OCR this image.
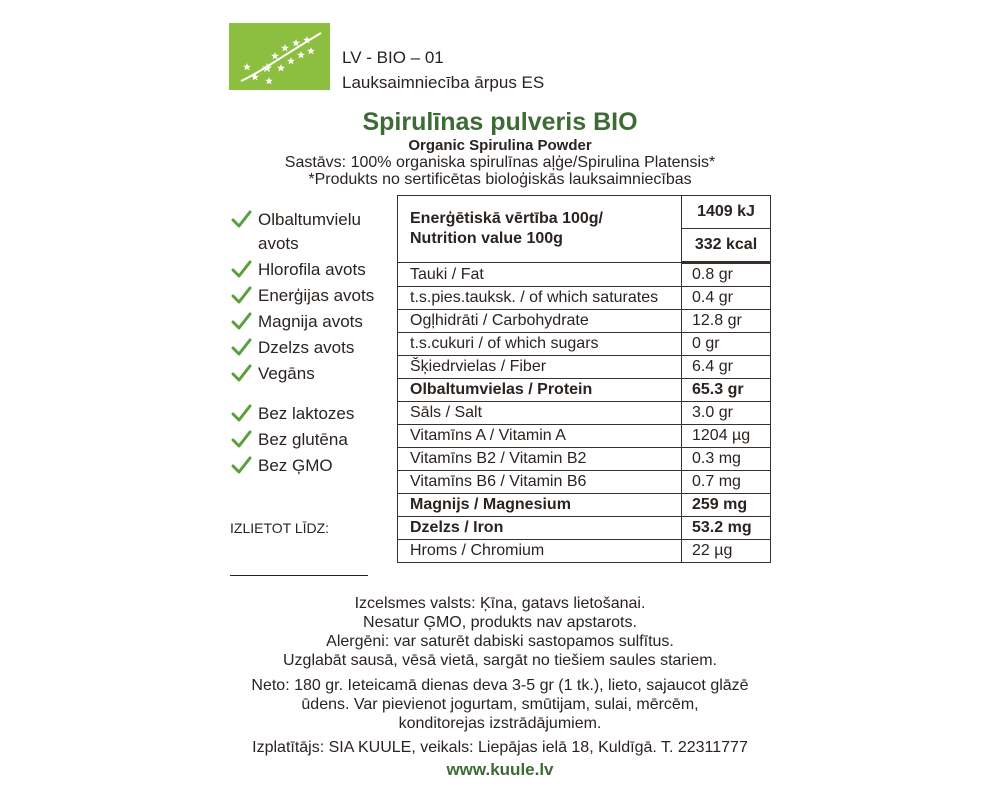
LV - BIO – 01
Lauksaimniecība ārpus ES
Spirulīnas pulveris BIO
Organic Spirulina Powder
Sastāvs: 100% organiska spirulīnas aļģe/Spirulina Platensis*
*Produkts no sertificētas bioloģiskās lauksaimniecības
Olbaltumvielu avots
Hlorofila avots
Enerģijas avots
Magnija avots
Dzelzs avots
Vegāns
Bez laktozes
Bez glutēna
Bez ĢMO
IZLIETOT LĪDZ:
Enerģētiskā vērtība 100g/
Nutrition value 100g	1409 kJ
	332 kcal
Tauki / Fat	0.8 gr
t.s.pies.tauksk. / of which saturates	0.4 gr
Ogļhidrāti / Carbohydrate	12.8 gr
t.s.cukuri / of which sugars	0 gr
Šķiedrvielas / Fiber	6.4 gr
Olbaltumvielas / Protein	65.3 gr
Sāls / Salt	3.0 gr
Vitamīns A / Vitamin A	1204 µg
Vitamīns B2 / Vitamin B2	0.3 mg
Vitamīns B6 / Vitamin B6	0.7 mg
Magnijs / Magnesium	259 mg
Dzelzs / Iron	53.2 mg
Hroms / Chromium	22 µg
Izcelsmes valsts: Ķīna, gatavs lietošanai.
Nesatur ĢMO, produkts nav apstarots.
Alergēni: var saturēt dabiski sastopamos sulfītus.
Uzglabāt sausā, vēsā vietā, sargāt no tiešiem saules stariem.
Neto: 180 gr. Ieteicamā dienas deva 3-5 gr (1 tk.), lieto, sajaucot glāzē
ūdens. Var pievienot jogurtam, smūtijam, sulai, mērcēm,
konditorejas izstrādājumiem.
Izplatītājs: SIA KUULE, veikals: Liepājas ielā 18, Kuldīgā. T. 22311777
www.kuule.lv
